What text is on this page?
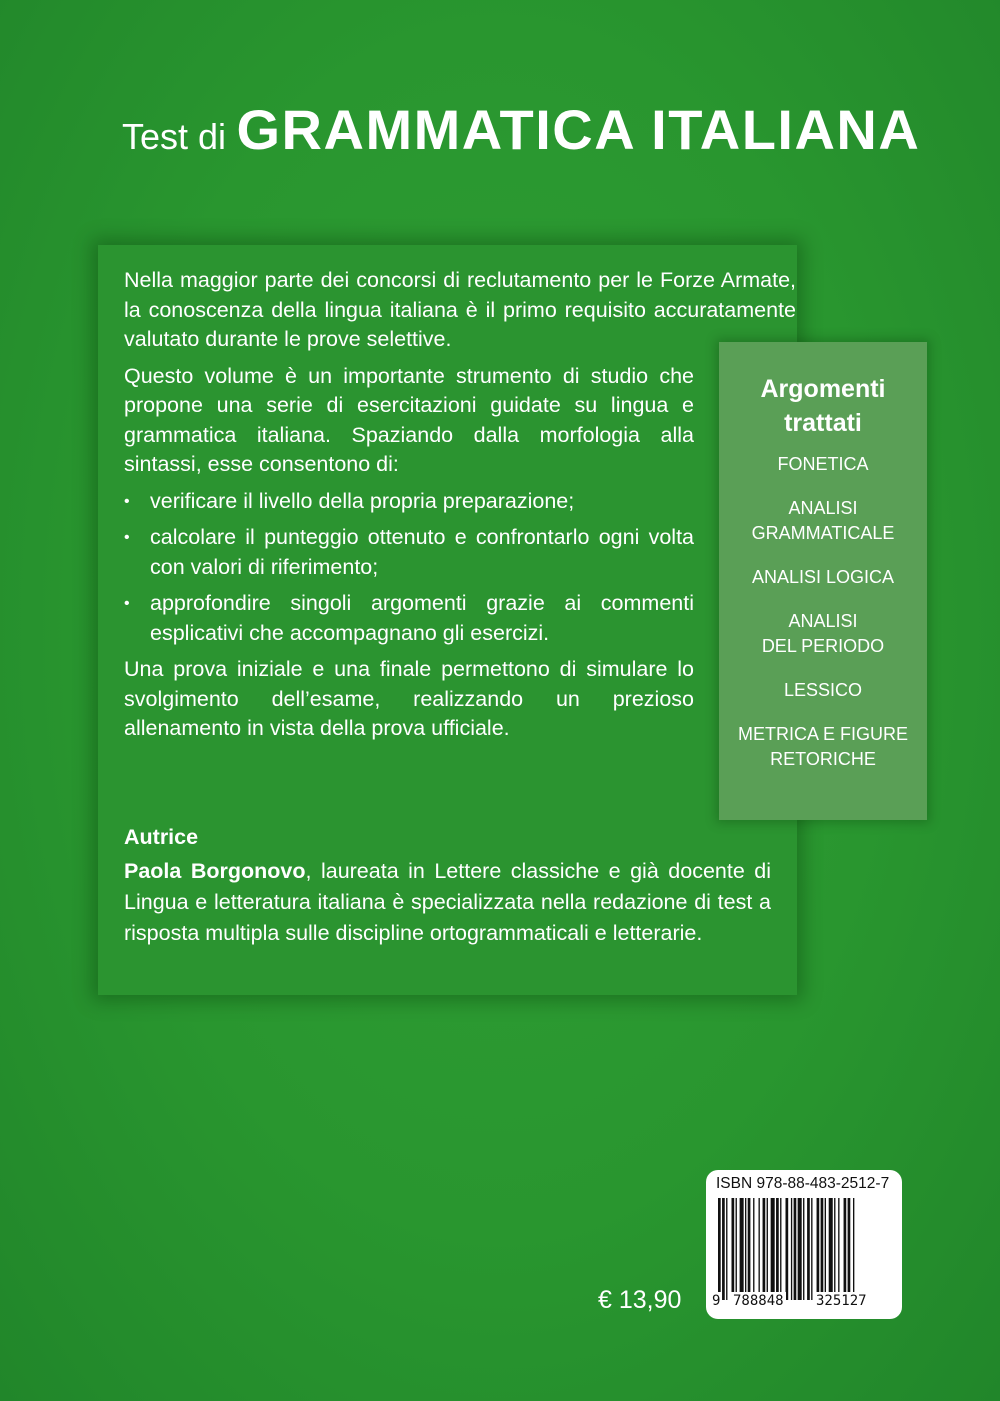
Test di GRAMMATICA ITALIANA

Nella maggior parte dei concorsi di reclutamento per le Forze Armate, la conoscenza della lingua italiana è il primo requisito accuratamente valutato durante le prove selettive.

Questo volume è un importante strumento di studio che propone una serie di esercitazioni guidate su lingua e grammatica italiana. Spaziando dalla morfologia alla sintassi, esse consentono di:

• verificare il livello della propria preparazione;
• calcolare il punteggio ottenuto e confrontarlo ogni volta con valori di riferimento;
• approfondire singoli argomenti grazie ai commenti esplicativi che accompagnano gli esercizi.

Una prova iniziale e una finale permettono di simulare lo svolgimento dell’esame, realizzando un prezioso allenamento in vista della prova ufficiale.

Autrice

Paola Borgonovo, laureata in Lettere classiche e già docente di Lingua e letteratura italiana è specializzata nella redazione di test a risposta multipla sulle discipline ortogrammaticali e letterarie.

Argomenti trattati
FONETICA
ANALISI
GRAMMATICALE
ANALISI LOGICA
ANALISI
DEL PERIODO
LESSICO
METRICA E FIGURE
RETORICHE
€ 13,90
ISBN 978-88-483-2512-7
9 788848 325127
